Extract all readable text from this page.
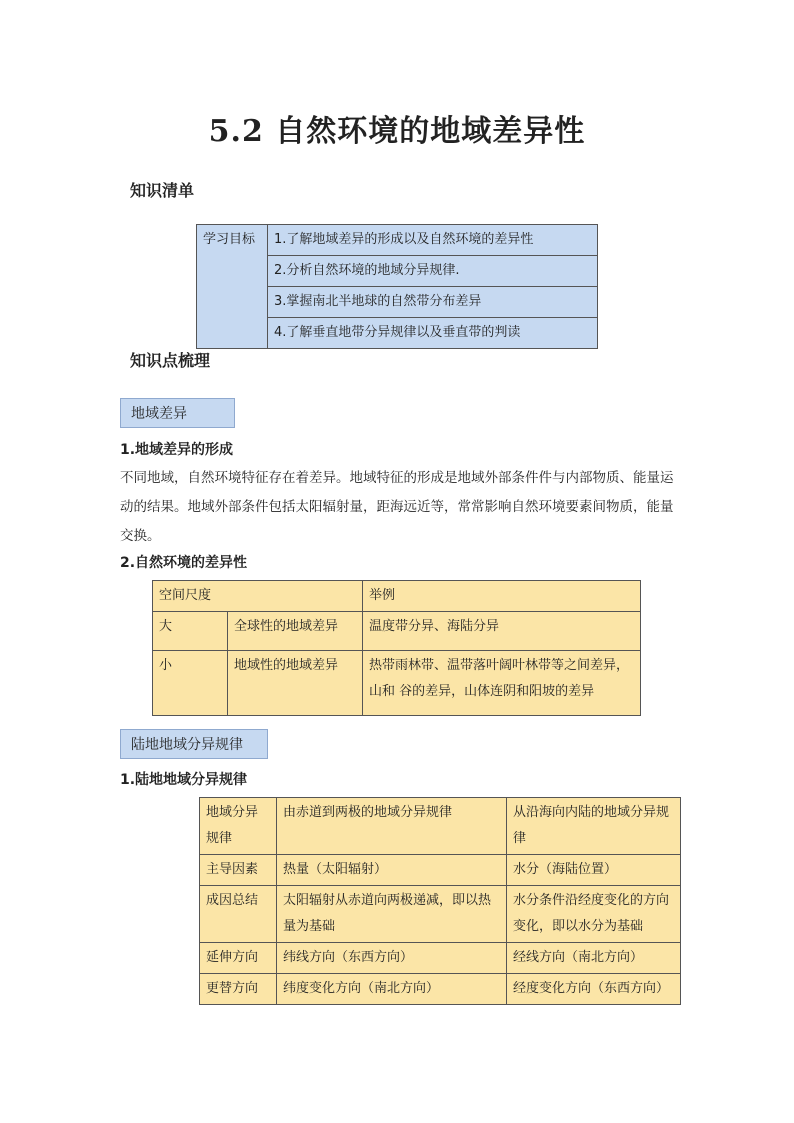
5.2 自然环境的地域差异性
知识清单
学习目标	1.了解地域差异的形成以及自然环境的差异性
2.分析自然环境的地域分异规律.
3.掌握南北半地球的自然带分布差异
4.了解垂直地带分异规律以及垂直带的判读
知识点梳理
地域差异
1.地域差异的形成
不同地域，自然环境特征存在着差异。地域特征的形成是地域外部条件件与内部物质、能量运动的结果。地域外部条件包括太阳辐射量，距海远近等，常常影响自然环境要素间物质，能量交换。
2.自然环境的差异性
空间尺度		举例
大	全球性的地域差异	温度带分异、海陆分异
小	地域性的地域差异	热带雨林带、温带落叶阔叶林带等之间差异，山和 谷的差异，山体连阴和阳坡的差异
陆地地域分异规律
1.陆地地域分异规律
地域分异规律	由赤道到两极的地域分异规律	从沿海向内陆的地域分异规律
主导因素	热量（太阳辐射）	水分（海陆位置）
成因总结	太阳辐射从赤道向两极递减，即以热量为基础	水分条件沿经度变化的方向变化，即以水分为基础
延伸方向	纬线方向（东西方向）	经线方向（南北方向）
更替方向	纬度变化方向（南北方向）	经度变化方向（东西方向）
